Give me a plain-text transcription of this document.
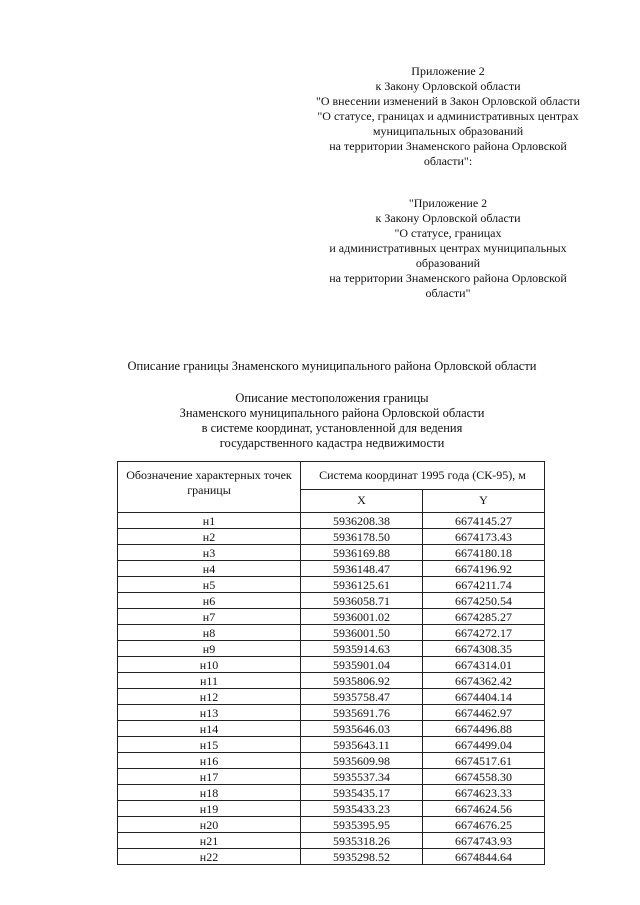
Приложение 2
к Закону Орловской области
"О внесении изменений в Закон Орловской области
"О статусе, границах и административных центрах
муниципальных образований
на территории Знаменского района Орловской
области":
"Приложение 2
к Закону Орловской области
"О статусе, границах
и административных центрах муниципальных
образований
на территории Знаменского района Орловской
области"
Описание границы Знаменского муниципального района Орловской области
Описание местоположения границы
Знаменского муниципального района Орловской области
в системе координат, установленной для ведения
государственного кадастра недвижимости
Обозначение характерных точек границы	Система координат 1995 года (СК-95), м	
	X	Y
н1	5936208.38	6674145.27
н2	5936178.50	6674173.43
н3	5936169.88	6674180.18
н4	5936148.47	6674196.92
н5	5936125.61	6674211.74
н6	5936058.71	6674250.54
н7	5936001.02	6674285.27
н8	5936001.50	6674272.17
н9	5935914.63	6674308.35
н10	5935901.04	6674314.01
н11	5935806.92	6674362.42
н12	5935758.47	6674404.14
н13	5935691.76	6674462.97
н14	5935646.03	6674496.88
н15	5935643.11	6674499.04
н16	5935609.98	6674517.61
н17	5935537.34	6674558.30
н18	5935435.17	6674623.33
н19	5935433.23	6674624.56
н20	5935395.95	6674676.25
н21	5935318.26	6674743.93
н22	5935298.52	6674844.64
